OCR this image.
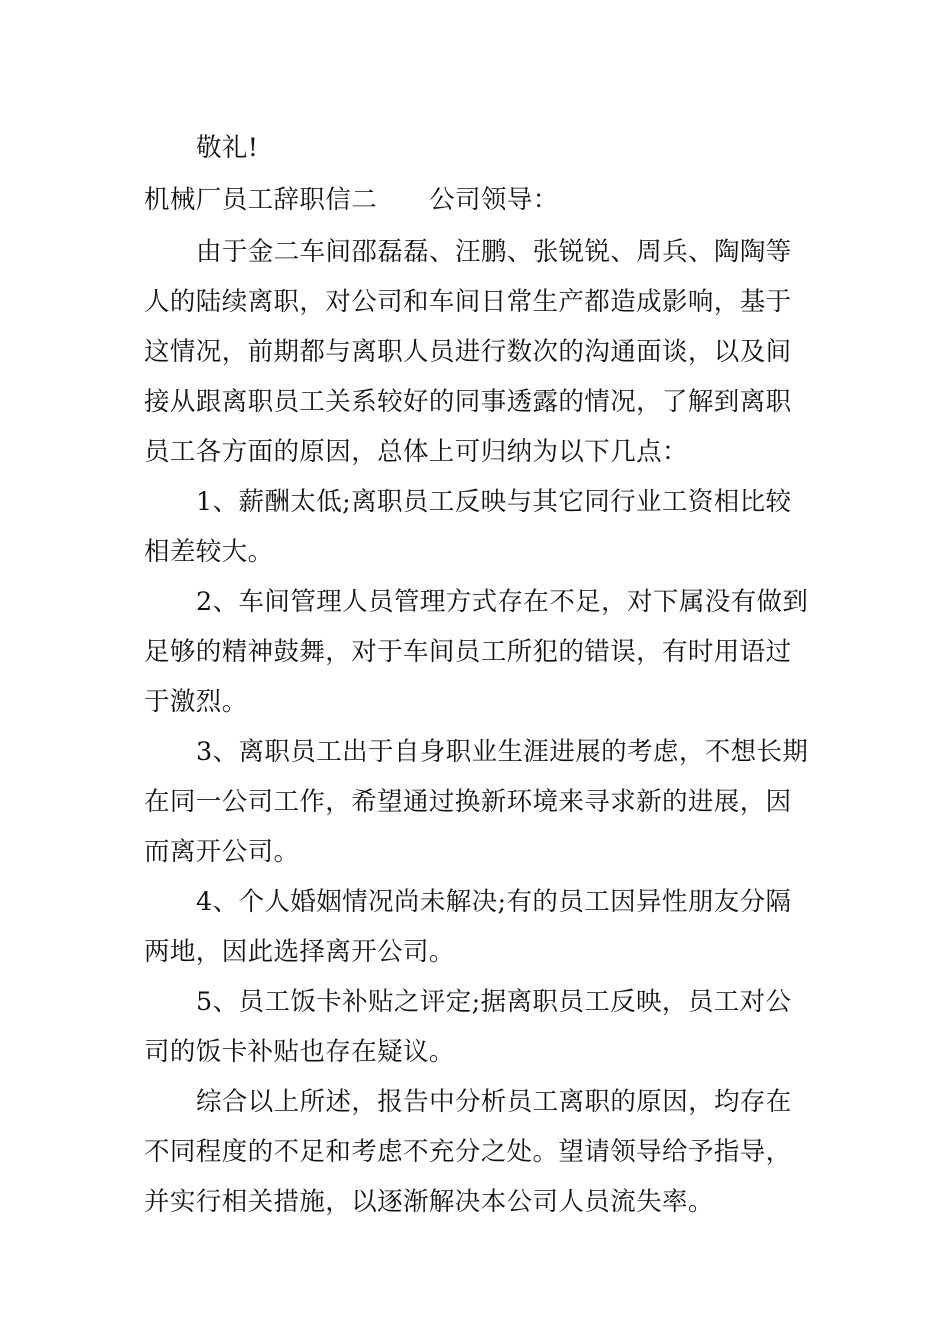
敬礼!
机械厂员工辞职信二 公司领导：
由于金二车间邵磊磊、汪鹏、张锐锐、周兵、陶陶等
人的陆续离职，对公司和车间日常生产都造成影响，基于
这情况，前期都与离职人员进行数次的沟通面谈，以及间
接从跟离职员工关系较好的同事透露的情况，了解到离职
员工各方面的原因，总体上可归纳为以下几点：
1、薪酬太低;离职员工反映与其它同行业工资相比较
相差较大。
2、车间管理人员管理方式存在不足，对下属没有做到
足够的精神鼓舞，对于车间员工所犯的错误，有时用语过
于激烈。
3、离职员工出于自身职业生涯进展的考虑，不想长期
在同一公司工作，希望通过换新环境来寻求新的进展，因
而离开公司。
4、个人婚姻情况尚未解决;有的员工因异性朋友分隔
两地，因此选择离开公司。
5、员工饭卡补贴之评定;据离职员工反映，员工对公
司的饭卡补贴也存在疑议。
综合以上所述，报告中分析员工离职的原因，均存在
不同程度的不足和考虑不充分之处。望请领导给予指导，
并实行相关措施，以逐渐解决本公司人员流失率。
